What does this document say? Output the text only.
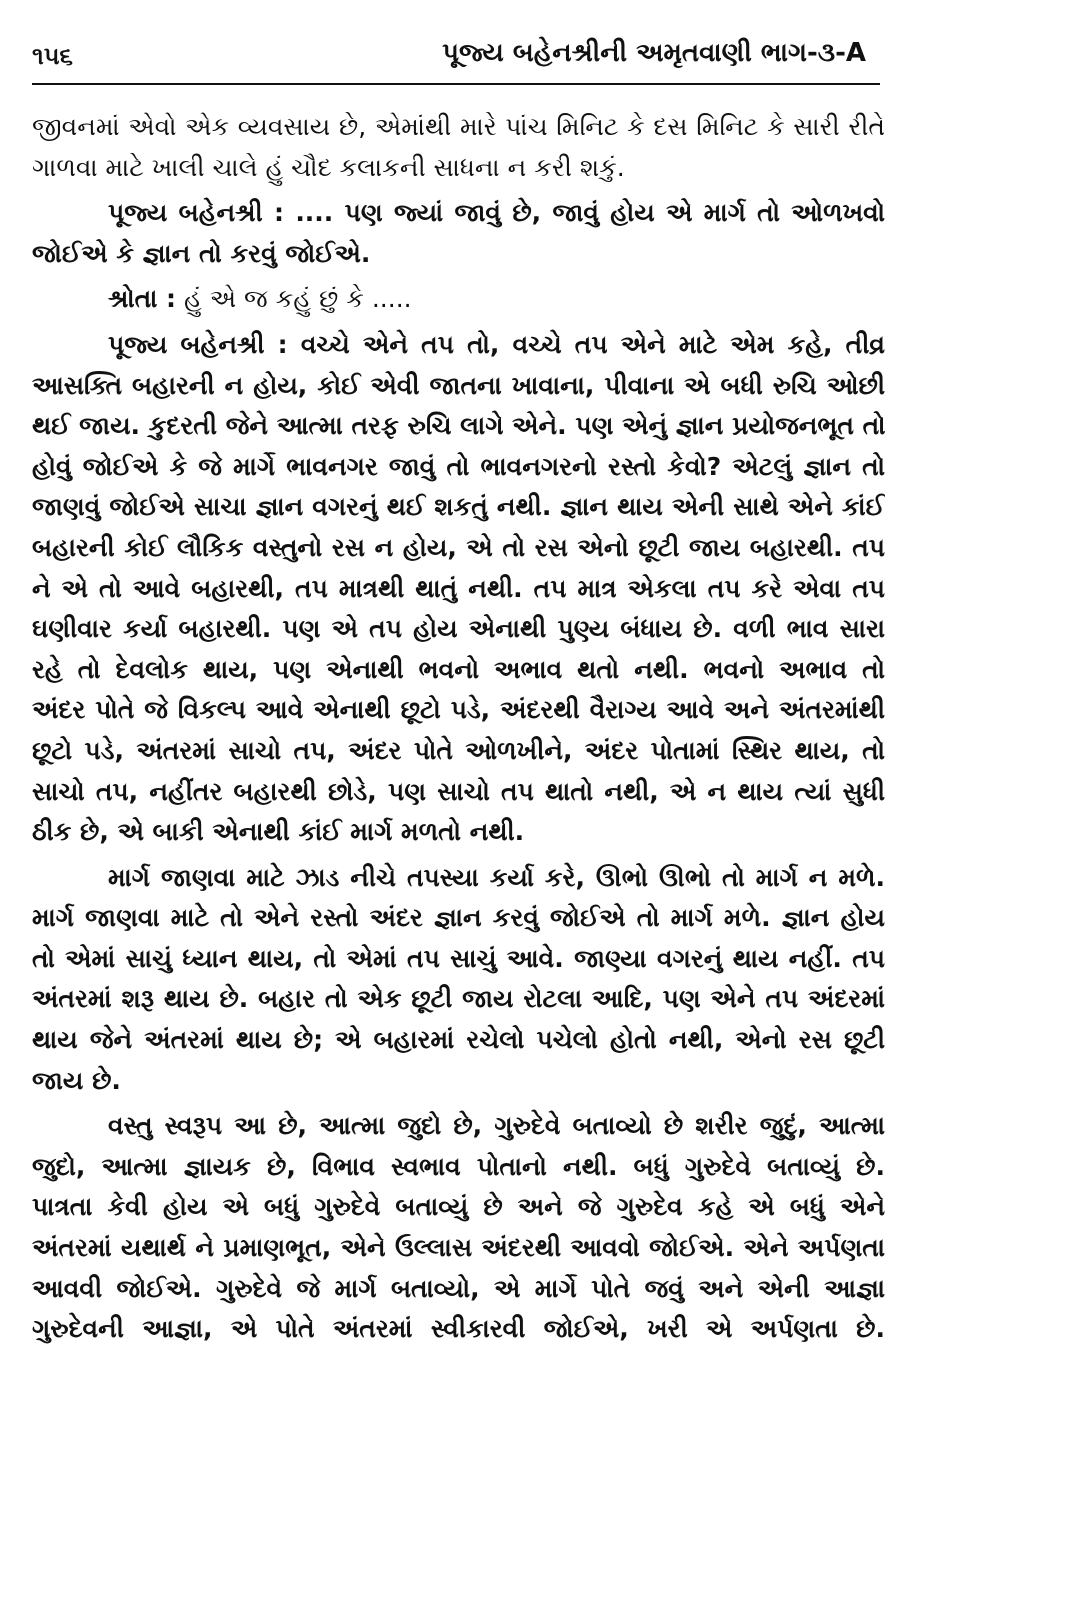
૧૫૬	પૂજ્ય બહેનશ્રીની અમૃતવાણી ભાગ-૩-A
જીવનમાં એવો એક વ્યવસાય છે, એમાંથી મારે પાંચ મિનિટ કે દસ મિનિટ કે સારી રીતે
ગાળવા માટે ખાલી ચાલે હું ચૌદ કલાકની સાધના ન કરી શકું.
પૂજ્ય બહેનશ્રી : .... પણ જ્યાં જાવું છે, જાવું હોય એ માર્ગ તો ઓળખવો
જોઈએ કે જ્ઞાન તો કરવું જોઈએ.
શ્રોતા : હું એ જ કહું છું કે .....
પૂજ્ય બહેનશ્રી : વચ્ચે એને તપ તો, વચ્ચે તપ એને માટે એમ કહે, તીવ્ર
આસક્તિ બહારની ન હોય, કોઈ એવી જાતના ખાવાના, પીવાના એ બધી રુચિ ઓછી
થઈ જાય. કુદરતી જેને આત્મા તરફ રુચિ લાગે એને. પણ એનું જ્ઞાન પ્રયોજનભૂત તો
હોવું જોઈએ કે જે માર્ગે ભાવનગર જાવું તો ભાવનગરનો રસ્તો કેવો? એટલું જ્ઞાન તો
જાણવું જોઈએ સાચા જ્ઞાન વગરનું થઈ શકતું નથી. જ્ઞાન થાય એની સાથે એને કાંઈ
બહારની કોઈ લૌકિક વસ્તુનો રસ ન હોય, એ તો રસ એનો છૂટી જાય બહારથી. તપ
ને એ તો આવે બહારથી, તપ માત્રથી થાતું નથી. તપ માત્ર એકલા તપ કરે એવા તપ
ઘણીવાર કર્યા બહારથી. પણ એ તપ હોય એનાથી પુણ્ય બંધાય છે. વળી ભાવ સારા
રહે તો દેવલોક થાય, પણ એનાથી ભવનો અભાવ થતો નથી. ભવનો અભાવ તો
અંદર પોતે જે વિકલ્પ આવે એનાથી છૂટો પડે, અંદરથી વૈરાગ્ય આવે અને અંતરમાંથી
છૂટો પડે, અંતરમાં સાચો તપ, અંદર પોતે ઓળખીને, અંદર પોતામાં સ્થિર થાય, તો
સાચો તપ, નહીંતર બહારથી છોડે, પણ સાચો તપ થાતો નથી, એ ન થાય ત્યાં સુધી
ઠીક છે, એ બાકી એનાથી કાંઈ માર્ગ મળતો નથી.
માર્ગ જાણવા માટે ઝાડ નીચે તપસ્યા કર્યા કરે, ઊભો ઊભો તો માર્ગ ન મળે.
માર્ગ જાણવા માટે તો એને રસ્તો અંદર જ્ઞાન કરવું જોઈએ તો માર્ગ મળે. જ્ઞાન હોય
તો એમાં સાચું ધ્યાન થાય, તો એમાં તપ સાચું આવે. જાણ્યા વગરનું થાય નહીં. તપ
અંતરમાં શરૂ થાય છે. બહાર તો એક છૂટી જાય રોટલા આદિ, પણ એને તપ અંદરમાં
થાય જેને અંતરમાં થાય છે; એ બહારમાં રચેલો પચેલો હોતો નથી, એનો રસ છૂટી
જાય છે.
વસ્તુ સ્વરૂપ આ છે, આત્મા જુદો છે, ગુરુદેવે બતાવ્યો છે શરીર જુદું, આત્મા
જુદો, આત્મા જ્ઞાયક છે, વિભાવ સ્વભાવ પોતાનો નથી. બધું ગુરુદેવે બતાવ્યું છે.
પાત્રતા કેવી હોય એ બધું ગુરુદેવે બતાવ્યું છે અને જે ગુરુદેવ કહે એ બધું એને
અંતરમાં યથાર્થ ને પ્રમાણભૂત, એને ઉલ્લાસ અંદરથી આવવો જોઈએ. એને અર્પણતા
આવવી જોઈએ. ગુરુદેવે જે માર્ગ બતાવ્યો, એ માર્ગે પોતે જવું અને એની આજ્ઞા
ગુરુદેવની આજ્ઞા, એ પોતે અંતરમાં સ્વીકારવી જોઈએ, ખરી એ અર્પણતા છે.
